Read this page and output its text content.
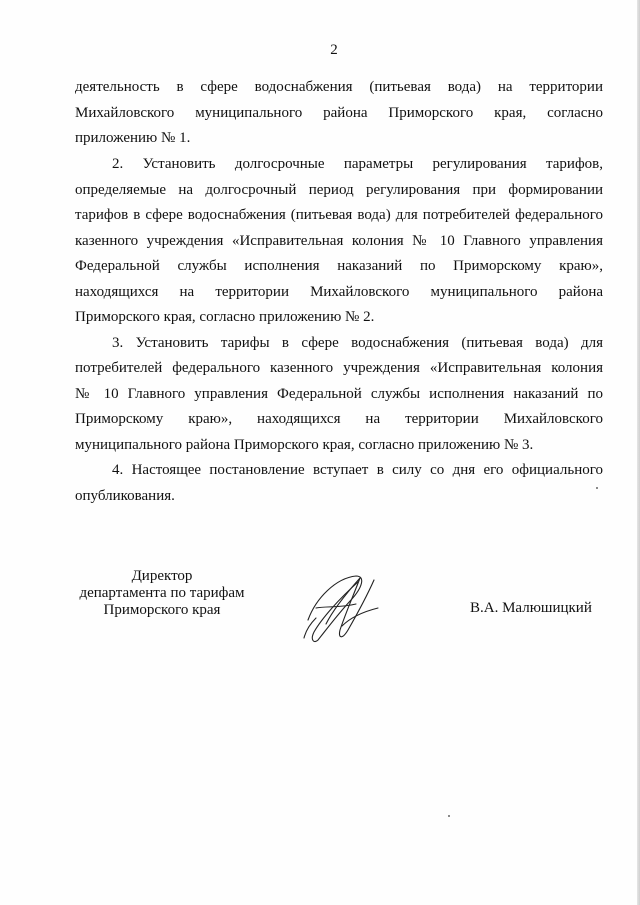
2
деятельность в сфере водоснабжения (питьевая вода) на территории
Михайловского муниципального района Приморского края, согласно
приложению № 1.
2. Установить долгосрочные параметры регулирования тарифов,
определяемые на долгосрочный период регулирования при формировании
тарифов в сфере водоснабжения (питьевая вода) для потребителей федерального
казенного учреждения «Исправительная колония № 10 Главного управления
Федеральной службы исполнения наказаний по Приморскому краю»,
находящихся на территории Михайловского муниципального района
Приморского края, согласно приложению № 2.
3. Установить тарифы в сфере водоснабжения (питьевая вода) для
потребителей федерального казенного учреждения «Исправительная колония
№ 10 Главного управления Федеральной службы исполнения наказаний по
Приморскому краю», находящихся на территории Михайловского
муниципального района Приморского края, согласно приложению № 3.
4. Настоящее постановление вступает в силу со дня его официального
опубликования.
Директор
департамента по тарифам
Приморского края	В.А. Малюшицкий
